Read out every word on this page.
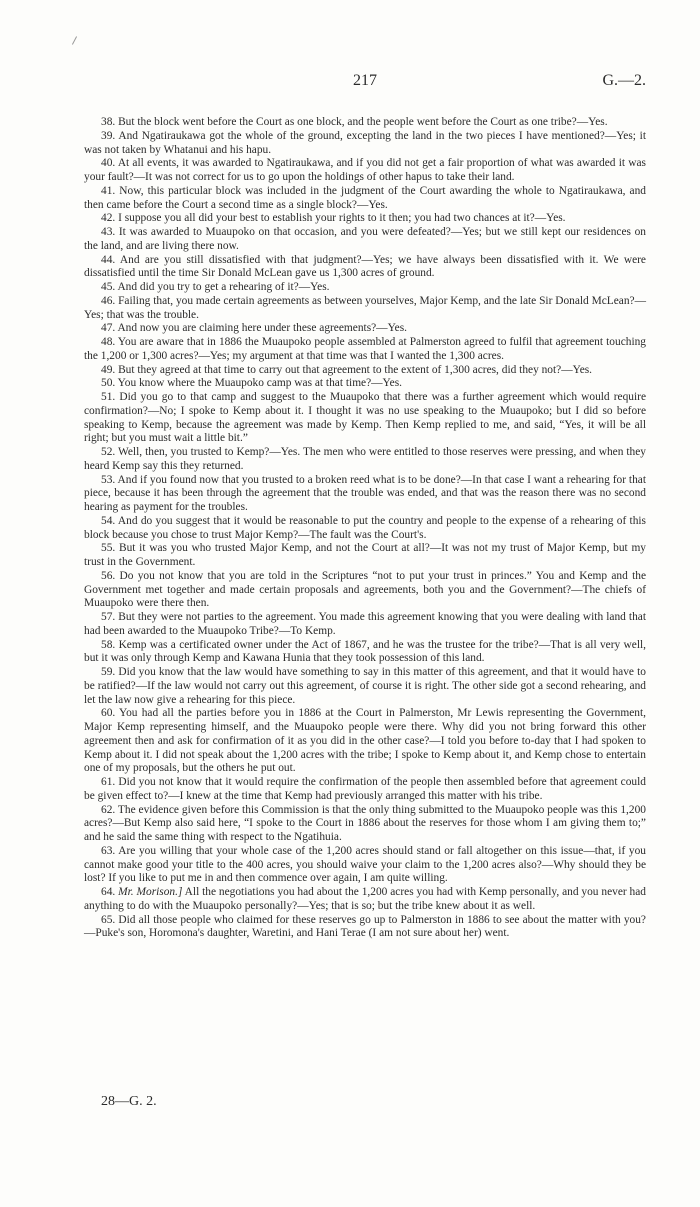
217	G.—2.

38. But the block went before the Court as one block, and the people went before the Court as one tribe?—Yes.

39. And Ngatiraukawa got the whole of the ground, excepting the land in the two pieces I have mentioned?—Yes; it was not taken by Whatanui and his hapu.

40. At all events, it was awarded to Ngatiraukawa, and if you did not get a fair proportion of what was awarded it was your fault?—It was not correct for us to go upon the holdings of other hapus to take their land.

41. Now, this particular block was included in the judgment of the Court awarding the whole to Ngatiraukawa, and then came before the Court a second time as a single block?—Yes.

42. I suppose you all did your best to establish your rights to it then; you had two chances at it?—Yes.

43. It was awarded to Muaupoko on that occasion, and you were defeated?—Yes; but we still kept our residences on the land, and are living there now.

44. And are you still dissatisfied with that judgment?—Yes; we have always been dissatisfied with it. We were dissatisfied until the time Sir Donald McLean gave us 1,300 acres of ground.

45. And did you try to get a rehearing of it?—Yes.

46. Failing that, you made certain agreements as between yourselves, Major Kemp, and the late Sir Donald McLean?—Yes; that was the trouble.

47. And now you are claiming here under these agreements?—Yes.

48. You are aware that in 1886 the Muaupoko people assembled at Palmerston agreed to fulfil that agreement touching the 1,200 or 1,300 acres?—Yes; my argument at that time was that I wanted the 1,300 acres.

49. But they agreed at that time to carry out that agreement to the extent of 1,300 acres, did they not?—Yes.

50. You know where the Muaupoko camp was at that time?—Yes.

51. Did you go to that camp and suggest to the Muaupoko that there was a further agreement which would require confirmation?—No; I spoke to Kemp about it. I thought it was no use speaking to the Muaupoko; but I did so before speaking to Kemp, because the agreement was made by Kemp. Then Kemp replied to me, and said, “Yes, it will be all right; but you must wait a little bit.”

52. Well, then, you trusted to Kemp?—Yes. The men who were entitled to those reserves were pressing, and when they heard Kemp say this they returned.

53. And if you found now that you trusted to a broken reed what is to be done?—In that case I want a rehearing for that piece, because it has been through the agreement that the trouble was ended, and that was the reason there was no second hearing as payment for the troubles.

54. And do you suggest that it would be reasonable to put the country and people to the expense of a rehearing of this block because you chose to trust Major Kemp?—The fault was the Court's.

55. But it was you who trusted Major Kemp, and not the Court at all?—It was not my trust of Major Kemp, but my trust in the Government.

56. Do you not know that you are told in the Scriptures “not to put your trust in princes.” You and Kemp and the Government met together and made certain proposals and agreements, both you and the Government?—The chiefs of Muaupoko were there then.

57. But they were not parties to the agreement. You made this agreement knowing that you were dealing with land that had been awarded to the Muaupoko Tribe?—To Kemp.

58. Kemp was a certificated owner under the Act of 1867, and he was the trustee for the tribe?—That is all very well, but it was only through Kemp and Kawana Hunia that they took possession of this land.

59. Did you know that the law would have something to say in this matter of this agreement, and that it would have to be ratified?—If the law would not carry out this agreement, of course it is right. The other side got a second rehearing, and let the law now give a rehearing for this piece.

60. You had all the parties before you in 1886 at the Court in Palmerston, Mr Lewis representing the Government, Major Kemp representing himself, and the Muaupoko people were there. Why did you not bring forward this other agreement then and ask for confirmation of it as you did in the other case?—I told you before to-day that I had spoken to Kemp about it. I did not speak about the 1,200 acres with the tribe; I spoke to Kemp about it, and Kemp chose to entertain one of my proposals, but the others he put out.

61. Did you not know that it would require the confirmation of the people then assembled before that agreement could be given effect to?—I knew at the time that Kemp had previously arranged this matter with his tribe.

62. The evidence given before this Commission is that the only thing submitted to the Muaupoko people was this 1,200 acres?—But Kemp also said here, “I spoke to the Court in 1886 about the reserves for those whom I am giving them to;” and he said the same thing with respect to the Ngatihuia.

63. Are you willing that your whole case of the 1,200 acres should stand or fall altogether on this issue—that, if you cannot make good your title to the 400 acres, you should waive your claim to the 1,200 acres also?—Why should they be lost? If you like to put me in and then commence over again, I am quite willing.

64. Mr. Morison.] All the negotiations you had about the 1,200 acres you had with Kemp personally, and you never had anything to do with the Muaupoko personally?—Yes; that is so; but the tribe knew about it as well.

65. Did all those people who claimed for these reserves go up to Palmerston in 1886 to see about the matter with you?—Puke's son, Horomona's daughter, Waretini, and Hani Terae (I am not sure about her) went.

28—G. 2.
